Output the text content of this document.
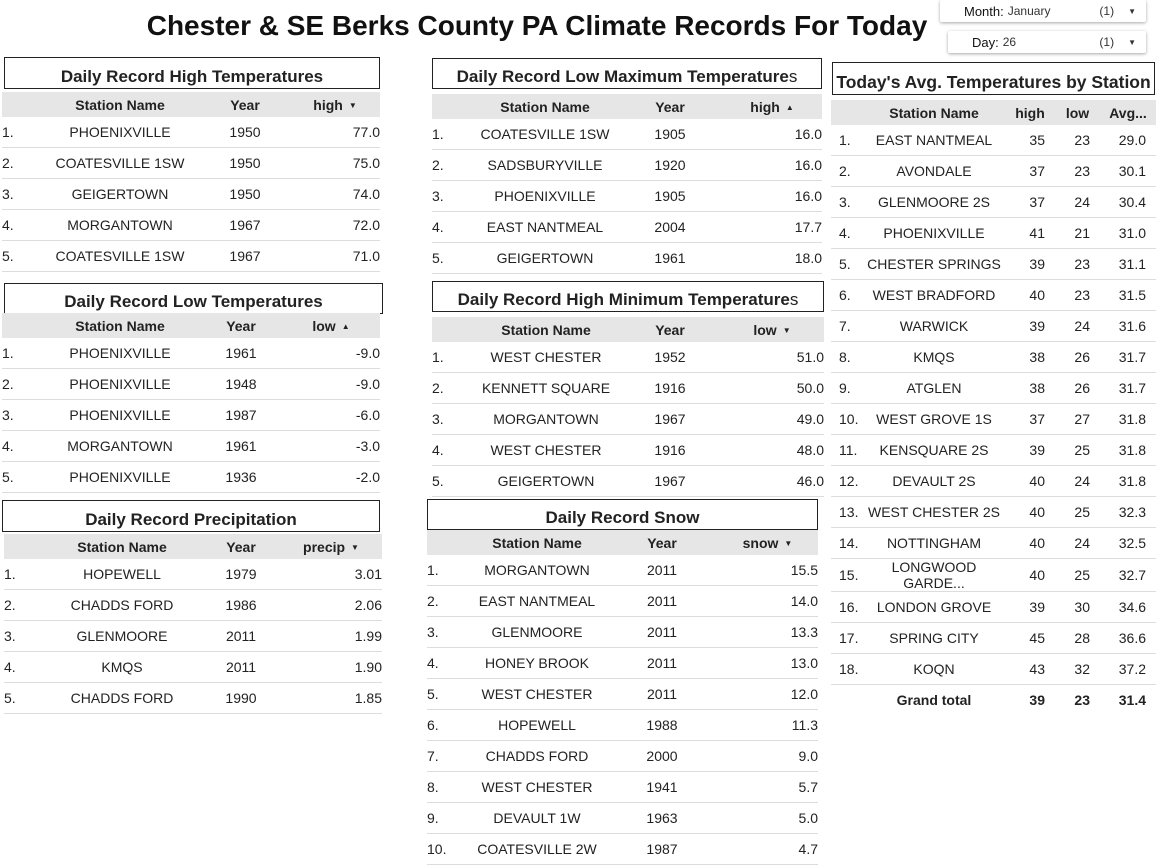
Chester & SE Berks County PA Climate Records For Today	Month: January	(1) ▼
Day: 26	(1) ▼
Daily Record High Temperatures
	Station Name	Year	high ▼
1.	PHOENIXVILLE	1950	77.0
2.	COATESVILLE 1SW	1950	75.0
3.	GEIGERTOWN	1950	74.0
4.	MORGANTOWN	1967	72.0
5.	COATESVILLE 1SW	1967	71.0
Daily Record Low Temperatures
	Station Name	Year	low ▲
1.	PHOENIXVILLE	1961	-9.0
2.	PHOENIXVILLE	1948	-9.0
3.	PHOENIXVILLE	1987	-6.0
4.	MORGANTOWN	1961	-3.0
5.	PHOENIXVILLE	1936	-2.0
Daily Record Precipitation
	Station Name	Year	precip ▼
1.	HOPEWELL	1979	3.01
2.	CHADDS FORD	1986	2.06
3.	GLENMOORE	2011	1.99
4.	KMQS	2011	1.90
5.	CHADDS FORD	1990	1.85
Daily Record Low Maximum Temperature s
	Station Name	Year	high ▲
1.	COATESVILLE 1SW	1905	16.0
2.	SADSBURYVILLE	1920	16.0
3.	PHOENIXVILLE	1905	16.0
4.	EAST NANTMEAL	2004	17.7
5.	GEIGERTOWN	1961	18.0
Daily Record High Minimum Temperature s
	Station Name	Year	low ▼
1.	WEST CHESTER	1952	51.0
2.	KENNETT SQUARE	1916	50.0
3.	MORGANTOWN	1967	49.0
4.	WEST CHESTER	1916	48.0
5.	GEIGERTOWN	1967	46.0
Daily Record Snow
	Station Name	Year	snow ▼
1.	MORGANTOWN	2011	15.5
2.	EAST NANTMEAL	2011	14.0
3.	GLENMOORE	2011	13.3
4.	HONEY BROOK	2011	13.0
5.	WEST CHESTER	2011	12.0
6.	HOPEWELL	1988	11.3
7.	CHADDS FORD	2000	9.0
8.	WEST CHESTER	1941	5.7
9.	DEVAULT 1W	1963	5.0
10.	COATESVILLE 2W	1987	4.7
Today's Avg. Temperatures by Station
	Station Name	high	low	Avg...
1.	EAST NANTMEAL	35	23	29.0
2.	AVONDALE	37	23	30.1
3.	GLENMOORE 2S	37	24	30.4
4.	PHOENIXVILLE	41	21	31.0
5.	CHESTER SPRINGS	39	23	31.1
6.	WEST BRADFORD	40	23	31.5
7.	WARWICK	39	24	31.6
8.	KMQS	38	26	31.7
9.	ATGLEN	38	26	31.7
10.	WEST GROVE 1S	37	27	31.8
11.	KENSQUARE 2S	39	25	31.8
12.	DEVAULT 2S	40	24	31.8
13.	WEST CHESTER 2S	40	25	32.3
14.	NOTTINGHAM	40	24	32.5
15.	LONGWOOD GARDE...	40	25	32.7
16.	LONDON GROVE	39	30	34.6
17.	SPRING CITY	45	28	36.6
18.	KOQN	43	32	37.2
	Grand total	39	23	31.4
